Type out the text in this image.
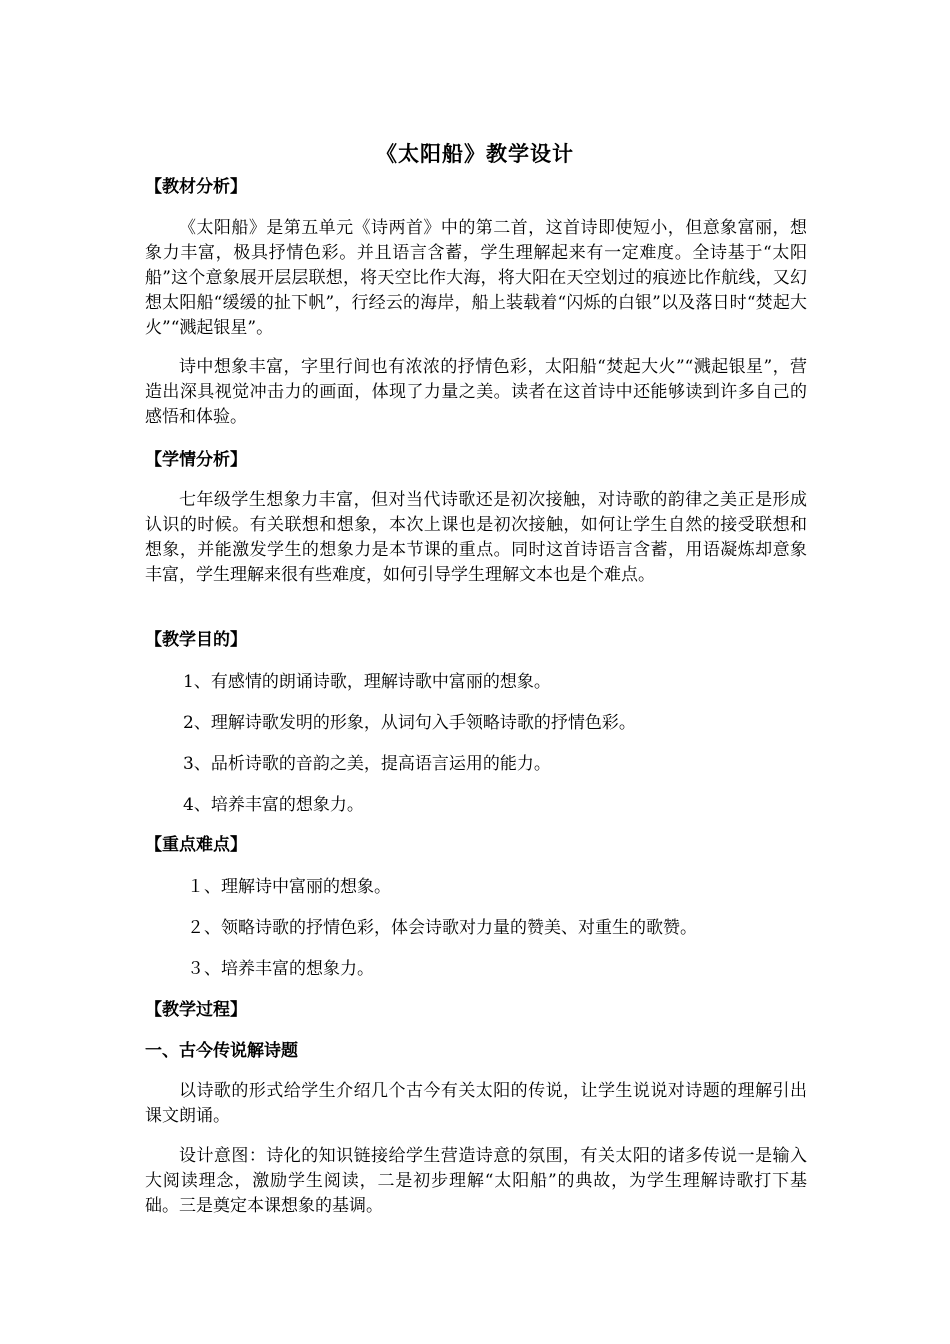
《太阳船》教学设计
【教材分析】
《太阳船》是第五单元《诗两首》中的第二首，这首诗即使短小，但意象富丽，想象力丰富，极具抒情色彩。并且语言含蓄，学生理解起来有一定难度。全诗基于“太阳船”这个意象展开层层联想，将天空比作大海，将大阳在天空划过的痕迹比作航线，又幻想太阳船“缓缓的扯下帆”，行经云的海岸，船上装载着“闪烁的白银”以及落日时“焚起大火”“溅起银星”。
诗中想象丰富，字里行间也有浓浓的抒情色彩，太阳船“焚起大火”“溅起银星”，营造出深具视觉冲击力的画面，体现了力量之美。读者在这首诗中还能够读到许多自己的感悟和体验。
【学情分析】
七年级学生想象力丰富，但对当代诗歌还是初次接触，对诗歌的韵律之美正是形成认识的时候。有关联想和想象，本次上课也是初次接触，如何让学生自然的接受联想和想象，并能激发学生的想象力是本节课的重点。同时这首诗语言含蓄，用语凝炼却意象丰富，学生理解来很有些难度，如何引导学生理解文本也是个难点。
【教学目的】
1、有感情的朗诵诗歌，理解诗歌中富丽的想象。
2、理解诗歌发明的形象，从词句入手领略诗歌的抒情色彩。
3、品析诗歌的音韵之美，提高语言运用的能力。
4、培养丰富的想象力。
【重点难点】
１、理解诗中富丽的想象。
２、领略诗歌的抒情色彩，体会诗歌对力量的赞美、对重生的歌赞。
３、培养丰富的想象力。
【教学过程】
一、古今传说解诗题
以诗歌的形式给学生介绍几个古今有关太阳的传说，让学生说说对诗题的理解引出课文朗诵。
设计意图：诗化的知识链接给学生营造诗意的氛围，有关太阳的诸多传说一是输入大阅读理念，激励学生阅读，二是初步理解“太阳船”的典故，为学生理解诗歌打下基础。三是奠定本课想象的基调。
